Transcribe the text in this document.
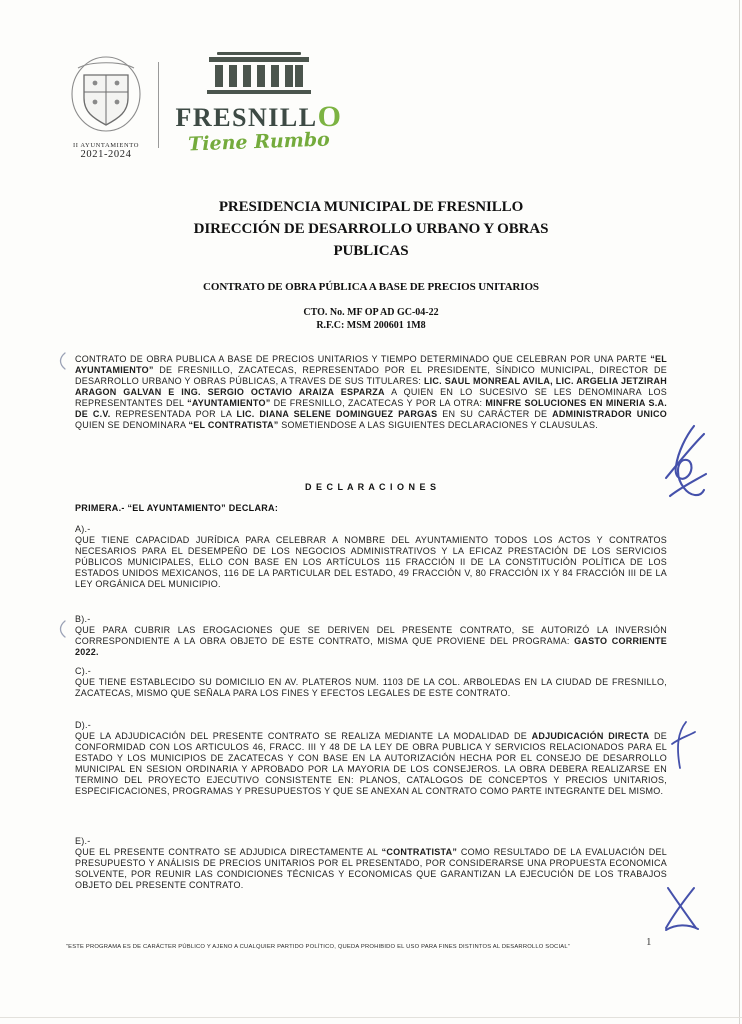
II AYUNTAMIENTO
2021-2024
FRESNILLO
Tiene Rumbo
PRESIDENCIA MUNICIPAL DE FRESNILLO
DIRECCIÓN DE DESARROLLO URBANO Y OBRAS
PUBLICAS
CONTRATO DE OBRA PÚBLICA A BASE DE PRECIOS UNITARIOS
CTO. No. MF OP AD GC-04-22
R.F.C: MSM 200601 1M8
CONTRATO DE OBRA PUBLICA A BASE DE PRECIOS UNITARIOS Y TIEMPO DETERMINADO QUE CELEBRAN POR UNA PARTE “EL AYUNTAMIENTO” DE FRESNILLO, ZACATECAS, REPRESENTADO POR EL PRESIDENTE, SÍNDICO MUNICIPAL, DIRECTOR DE DESARROLLO URBANO Y OBRAS PÚBLICAS, A TRAVES DE SUS TITULARES: LIC. SAUL MONREAL AVILA, LIC. ARGELIA JETZIRAH ARAGON GALVAN E ING. SERGIO OCTAVIO ARAIZA ESPARZA A QUIEN EN LO SUCESIVO SE LES DENOMINARA LOS REPRESENTANTES DEL “AYUNTAMIENTO” DE FRESNILLO, ZACATECAS Y POR LA OTRA: MINFRE SOLUCIONES EN MINERIA S.A. DE C.V. REPRESENTADA POR LA LIC. DIANA SELENE DOMINGUEZ PARGAS EN SU CARÁCTER DE ADMINISTRADOR UNICO QUIEN SE DENOMINARA “EL CONTRATISTA” SOMETIENDOSE A LAS SIGUIENTES DECLARACIONES Y CLAUSULAS.
D E C L A R A C I O N E S
PRIMERA.- “EL AYUNTAMIENTO” DECLARA:
A).-
QUE TIENE CAPACIDAD JURÍDICA PARA CELEBRAR A NOMBRE DEL AYUNTAMIENTO TODOS LOS ACTOS Y CONTRATOS NECESARIOS PARA EL DESEMPEÑO DE LOS NEGOCIOS ADMINISTRATIVOS Y LA EFICAZ PRESTACIÓN DE LOS SERVICIOS PÚBLICOS MUNICIPALES, ELLO CON BASE EN LOS ARTÍCULOS 115 FRACCIÓN II DE LA CONSTITUCIÓN POLÍTICA DE LOS ESTADOS UNIDOS MEXICANOS, 116 DE LA PARTICULAR DEL ESTADO, 49 FRACCIÓN V, 80 FRACCIÓN IX Y 84 FRACCIÓN III DE LA LEY ORGÁNICA DEL MUNICIPIO.
B).-
QUE PARA CUBRIR LAS EROGACIONES QUE SE DERIVEN DEL PRESENTE CONTRATO, SE AUTORIZÓ LA INVERSIÓN CORRESPONDIENTE A LA OBRA OBJETO DE ESTE CONTRATO, MISMA QUE PROVIENE DEL PROGRAMA: GASTO CORRIENTE 2022.
C).-
QUE TIENE ESTABLECIDO SU DOMICILIO EN AV. PLATEROS NUM. 1103 DE LA COL. ARBOLEDAS EN LA CIUDAD DE FRESNILLO, ZACATECAS, MISMO QUE SEÑALA PARA LOS FINES Y EFECTOS LEGALES DE ESTE CONTRATO.
D).-
QUE LA ADJUDICACIÓN DEL PRESENTE CONTRATO SE REALIZA MEDIANTE LA MODALIDAD DE ADJUDICACIÓN DIRECTA DE CONFORMIDAD CON LOS ARTICULOS 46, FRACC. III Y 48 DE LA LEY DE OBRA PUBLICA Y SERVICIOS RELACIONADOS PARA EL ESTADO Y LOS MUNICIPIOS DE ZACATECAS Y CON BASE EN LA AUTORIZACIÓN HECHA POR EL CONSEJO DE DESARROLLO MUNICIPAL EN SESION ORDINARIA Y APROBADO POR LA MAYORIA DE LOS CONSEJEROS. LA OBRA DEBERA REALIZARSE EN TERMINO DEL PROYECTO EJECUTIVO CONSISTENTE EN: PLANOS, CATALOGOS DE CONCEPTOS Y PRECIOS UNITARIOS, ESPECIFICACIONES, PROGRAMAS Y PRESUPUESTOS Y QUE SE ANEXAN AL CONTRATO COMO PARTE INTEGRANTE DEL MISMO.
E).-
QUE EL PRESENTE CONTRATO SE ADJUDICA DIRECTAMENTE AL “CONTRATISTA” COMO RESULTADO DE LA EVALUACIÓN DEL PRESUPUESTO Y ANÁLISIS DE PRECIOS UNITARIOS POR EL PRESENTADO, POR CONSIDERARSE UNA PROPUESTA ECONOMICA SOLVENTE, POR REUNIR LAS CONDICIONES TÉCNICAS Y ECONOMICAS QUE GARANTIZAN LA EJECUCIÓN DE LOS TRABAJOS OBJETO DEL PRESENTE CONTRATO.
“ESTE PROGRAMA ES DE CARÁCTER PÚBLICO Y AJENO A CUALQUIER PARTIDO POLÍTICO, QUEDA PROHIBIDO EL USO PARA FINES DISTINTOS AL DESARROLLO SOCIAL”	1
